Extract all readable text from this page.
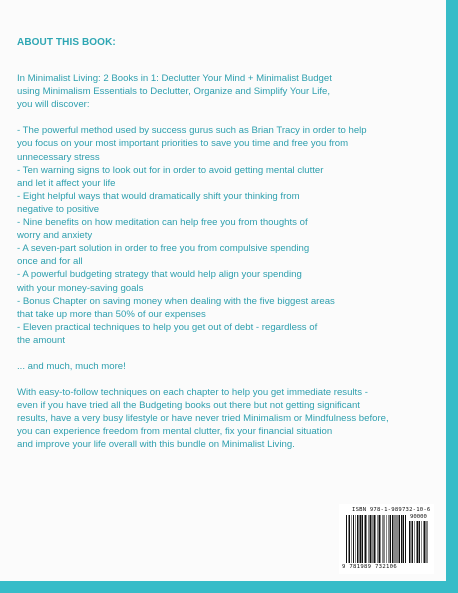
ABOUT THIS BOOK:

In Minimalist Living: 2 Books in 1: Declutter Your Mind + Minimalist Budget
using Minimalism Essentials to Declutter, Organize and Simplify Your Life,
you will discover:

- The powerful method used by success gurus such as Brian Tracy in order to help
you focus on your most important priorities to save you time and free you from
unnecessary stress
- Ten warning signs to look out for in order to avoid getting mental clutter
and let it affect your life
- Eight helpful ways that would dramatically shift your thinking from
negative to positive
- Nine benefits on how meditation can help free you from thoughts of
worry and anxiety
- A seven-part solution in order to free you from compulsive spending
once and for all
- A powerful budgeting strategy that would help align your spending
with your money-saving goals
- Bonus Chapter on saving money when dealing with the five biggest areas
that take up more than 50% of our expenses
- Eleven practical techniques to help you get out of debt - regardless of
the amount

... and much, much more!

With easy-to-follow techniques on each chapter to help you get immediate results -
even if you have tried all the Budgeting books out there but not getting significant
results, have a very busy lifestyle or have never tried Minimalism or Mindfulness before,
you can experience freedom from mental clutter, fix your financial situation
and improve your life overall with this bundle on Minimalist Living.

ISBN 978-1-989732-10-6
90000
9 781989 732106
